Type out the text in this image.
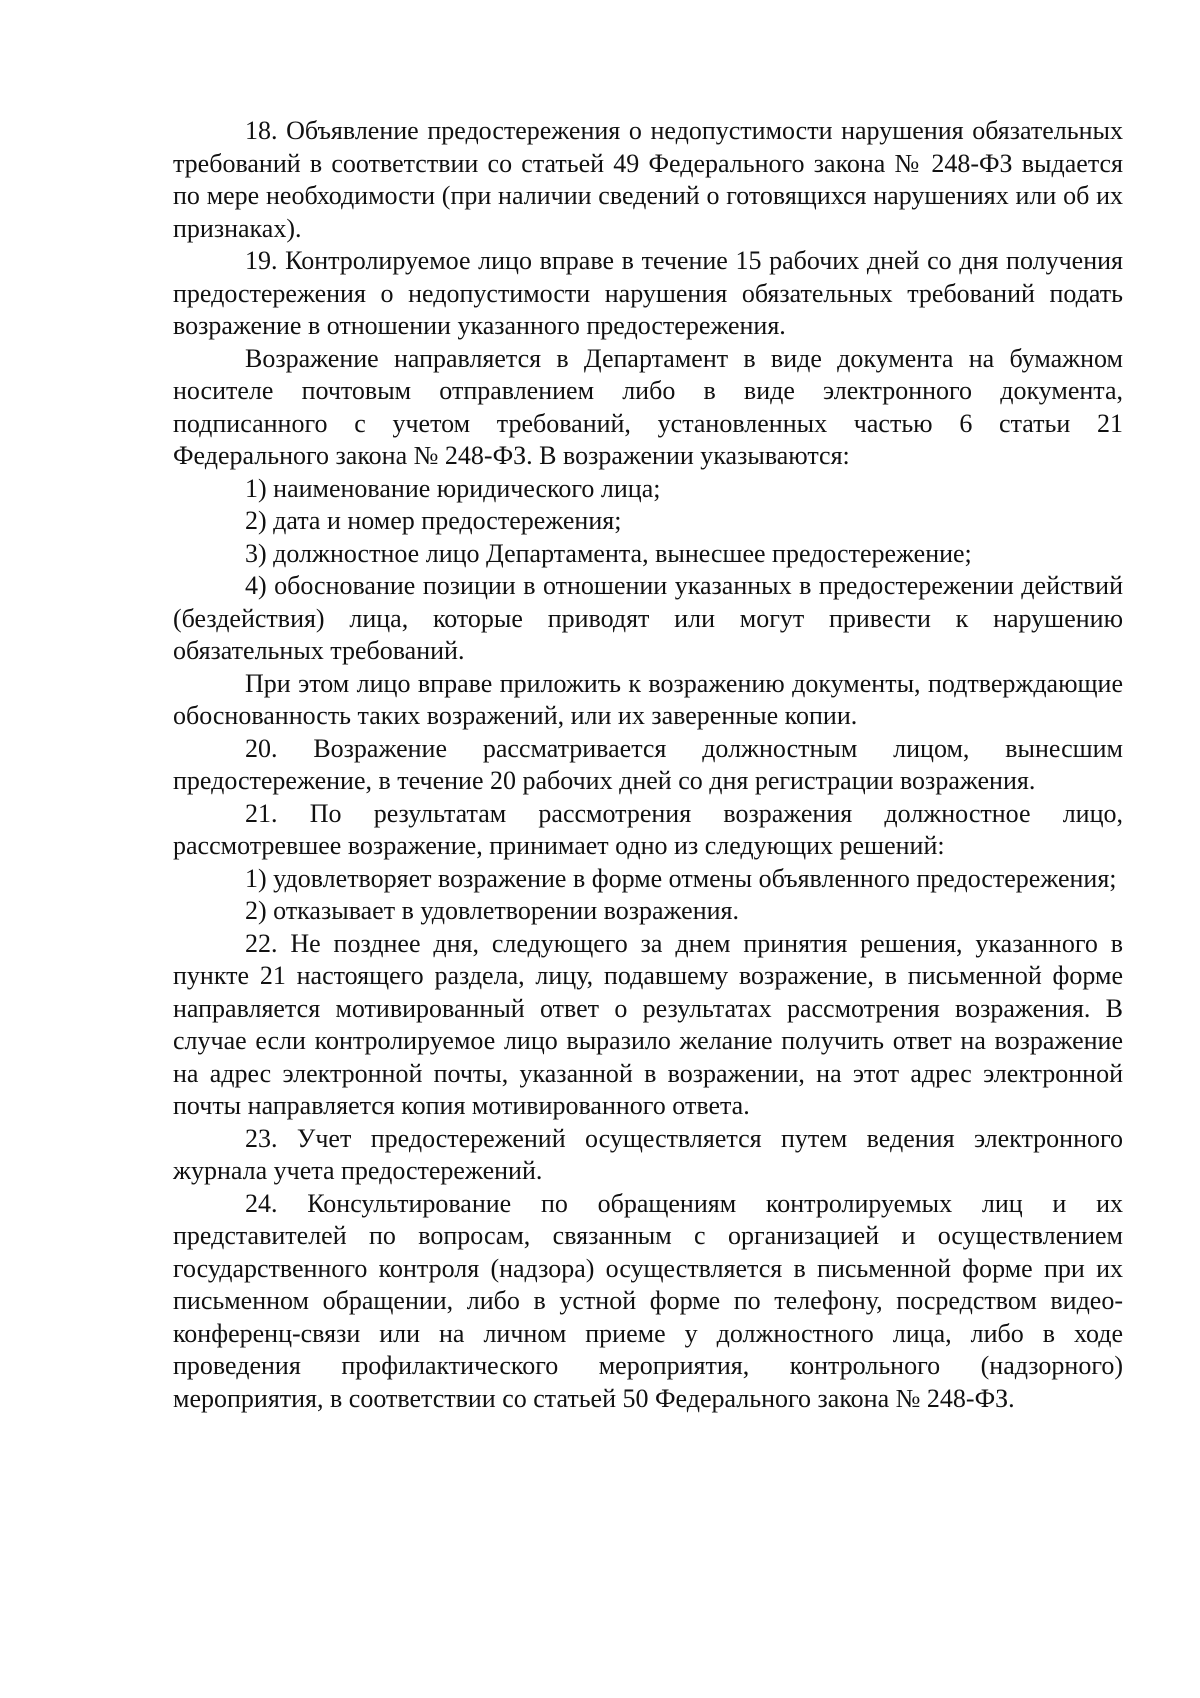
18. Объявление предостережения о недопустимости нарушения обязательных требований в соответствии со статьей 49 Федерального закона № 248-ФЗ выдается по мере необходимости (при наличии сведений о готовящихся нарушениях или об их признаках).

19. Контролируемое лицо вправе в течение 15 рабочих дней со дня получения предостережения о недопустимости нарушения обязательных требований подать возражение в отношении указанного предостережения.

Возражение направляется в Департамент в виде документа на бумажном носителе почтовым отправлением либо в виде электронного документа, подписанного с учетом требований, установленных частью 6 статьи 21 Федерального закона № 248-ФЗ. В возражении указываются:

1) наименование юридического лица;

2) дата и номер предостережения;

3) должностное лицо Департамента, вынесшее предостережение;

4) обоснование позиции в отношении указанных в предостережении действий (бездействия) лица, которые приводят или могут привести к нарушению обязательных требований.

При этом лицо вправе приложить к возражению документы, подтверждающие обоснованность таких возражений, или их заверенные копии.

20. Возражение рассматривается должностным лицом, вынесшим предостережение, в течение 20 рабочих дней со дня регистрации возражения.

21. По результатам рассмотрения возражения должностное лицо, рассмотревшее возражение, принимает одно из следующих решений:

1) удовлетворяет возражение в форме отмены объявленного предостережения;

2) отказывает в удовлетворении возражения.

22. Не позднее дня, следующего за днем принятия решения, указанного в пункте 21 настоящего раздела, лицу, подавшему возражение, в письменной форме направляется мотивированный ответ о результатах рассмотрения возражения. В случае если контролируемое лицо выразило желание получить ответ на возражение на адрес электронной почты, указанной в возражении, на этот адрес электронной почты направляется копия мотивированного ответа.

23. Учет предостережений осуществляется путем ведения электронного журнала учета предостережений.

24. Консультирование по обращениям контролируемых лиц и их представителей по вопросам, связанным с организацией и осуществлением государственного контроля (надзора) осуществляется в письменной форме при их письменном обращении, либо в устной форме по телефону, посредством видео-конференц-связи или на личном приеме у должностного лица, либо в ходе проведения профилактического мероприятия, контрольного (надзорного) мероприятия, в соответствии со статьей 50 Федерального закона № 248-ФЗ.
